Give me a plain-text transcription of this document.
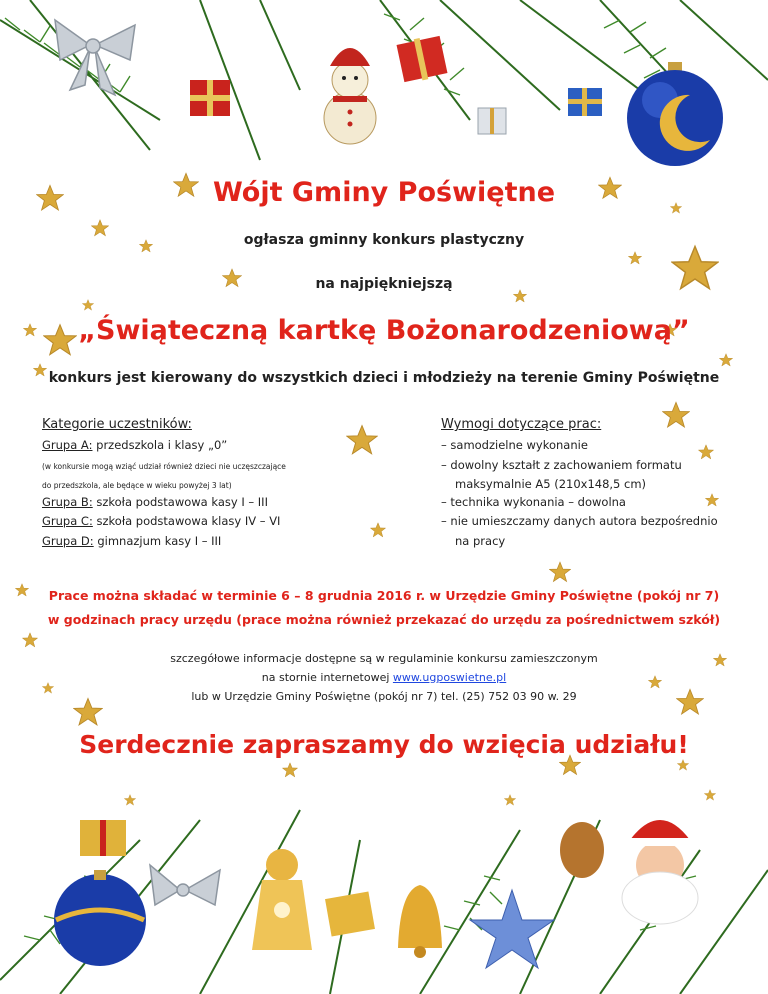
Wójt Gminy Poświętne
ogłasza gminny konkurs plastyczny
na najpiękniejszą
„Świąteczną kartkę Bożonarodzeniową”
konkurs jest kierowany do wszystkich dzieci i młodzieży na terenie Gminy Poświętne
Kategorie uczestników:
Grupa A: przedszkola i klasy „0”
(w konkursie mogą wziąć udział również dzieci nie uczęszczające
do przedszkola, ale będące w wieku powyżej 3 lat)
Grupa B: szkoła podstawowa kasy I – III
Grupa C: szkoła podstawowa klasy IV – VI
Grupa D: gimnazjum kasy I – III
Wymogi dotyczące prac:
– samodzielne wykonanie
– dowolny kształt z zachowaniem formatu
maksymalnie A5 (210x148,5 cm)
– technika wykonania – dowolna
– nie umieszczamy danych autora bezpośrednio
na pracy
Prace można składać w terminie 6 – 8 grudnia 2016 r. w Urzędzie Gminy Poświętne (pokój nr 7)
w godzinach pracy urzędu (prace można również przekazać do urzędu za pośrednictwem szkół)
szczegółowe informacje dostępne są w regulaminie konkursu zamieszczonym
na stornie internetowej www.ugposwietne.pl
lub w Urzędzie Gminy Poświętne (pokój nr 7) tel. (25) 752 03 90 w. 29
Serdecznie zapraszamy do wzięcia udziału!
